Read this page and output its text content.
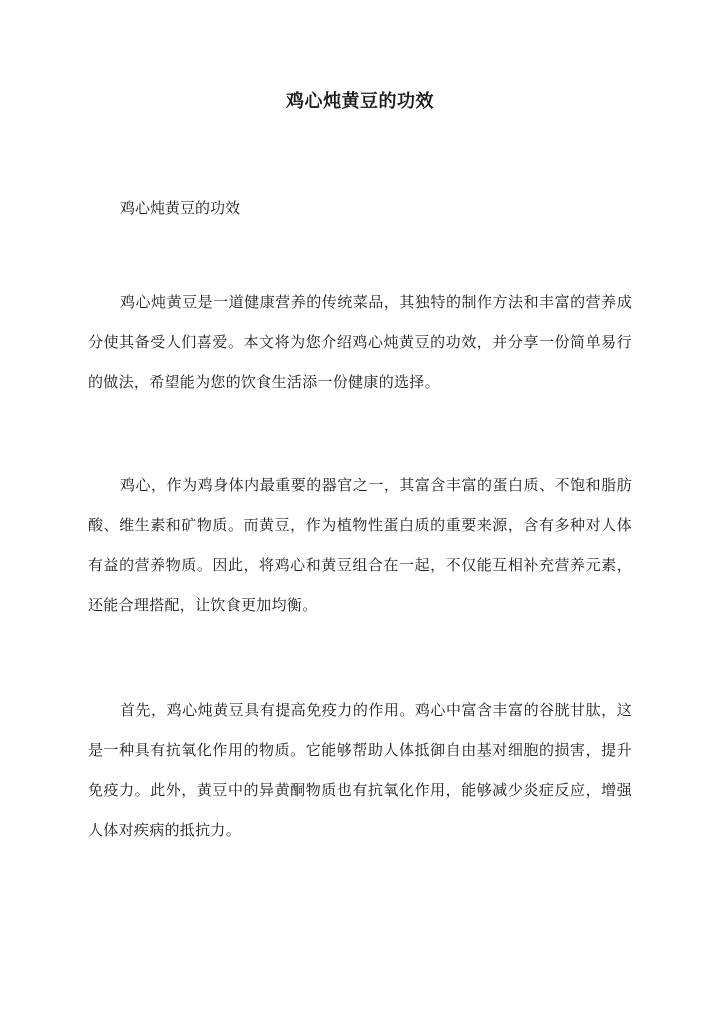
鸡心炖黄豆的功效

鸡心炖黄豆的功效

鸡心炖黄豆是一道健康营养的传统菜品，其独特的制作方法和丰富的营养成分使其备受人们喜爱。本文将为您介绍鸡心炖黄豆的功效，并分享一份简单易行的做法，希望能为您的饮食生活添一份健康的选择。

鸡心，作为鸡身体内最重要的器官之一，其富含丰富的蛋白质、不饱和脂肪酸、维生素和矿物质。而黄豆，作为植物性蛋白质的重要来源，含有多种对人体有益的营养物质。因此，将鸡心和黄豆组合在一起，不仅能互相补充营养元素，还能合理搭配，让饮食更加均衡。

首先，鸡心炖黄豆具有提高免疫力的作用。鸡心中富含丰富的谷胱甘肽，这是一种具有抗氧化作用的物质。它能够帮助人体抵御自由基对细胞的损害，提升免疫力。此外，黄豆中的异黄酮物质也有抗氧化作用，能够减少炎症反应，增强人体对疾病的抵抗力。
